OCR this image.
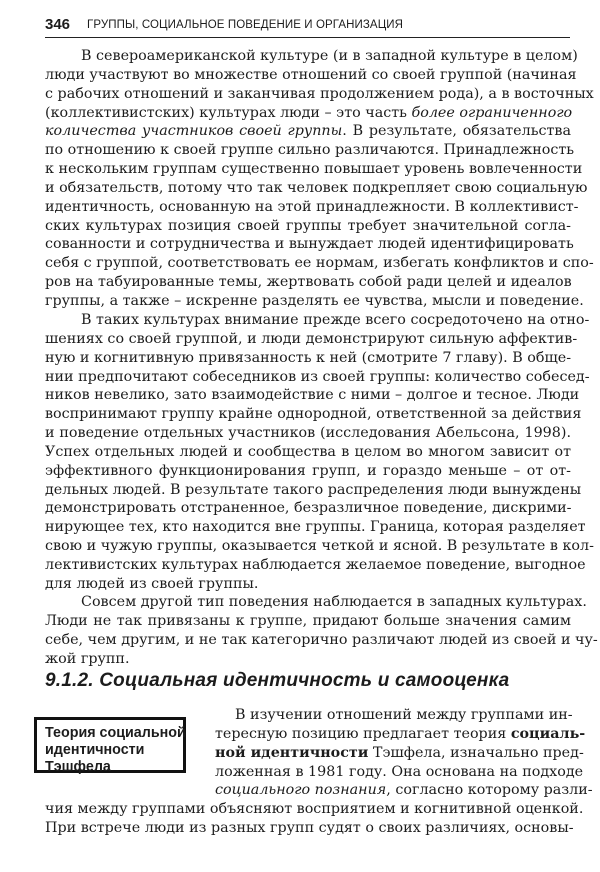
346 ГРУППЫ, СОЦИАЛЬНОЕ ПОВЕДЕНИЕ И ОРГАНИЗАЦИЯ
В североамериканской культуре (и в западной культуре в целом)
люди участвуют во множестве отношений со своей группой (начиная
с рабочих отношений и заканчивая продолжением рода), а в восточных
(коллективистских) культурах люди – это часть более ограниченного
количества участников своей группы. В результате, обязательства
по отношению к своей группе сильно различаются. Принадлежность
к нескольким группам существенно повышает уровень вовлеченности
и обязательств, потому что так человек подкрепляет свою социальную
идентичность, основанную на этой принадлежности. В коллективист-
ских культурах позиция своей группы требует значительной согла-
сованности и сотрудничества и вынуждает людей идентифицировать
себя с группой, соответствовать ее нормам, избегать конфликтов и спо-
ров на табуированные темы, жертвовать собой ради целей и идеалов
группы, а также – искренне разделять ее чувства, мысли и поведение.
В таких культурах внимание прежде всего сосредоточено на отно-
шениях со своей группой, и люди демонстрируют сильную аффектив-
ную и когнитивную привязанность к ней (смотрите 7 главу). В обще-
нии предпочитают собеседников из своей группы: количество собесед-
ников невелико, зато взаимодействие с ними – долгое и тесное. Люди
воспринимают группу крайне однородной, ответственной за действия
и поведение отдельных участников (исследования Абельсона, 1998).
Успех отдельных людей и сообщества в целом во многом зависит от
эффективного функционирования групп, и гораздо меньше – от от-
дельных людей. В результате такого распределения люди вынуждены
демонстрировать отстраненное, безразличное поведение, дискрими-
нирующее тех, кто находится вне группы. Граница, которая разделяет
свою и чужую группы, оказывается четкой и ясной. В результате в кол-
лективистских культурах наблюдается желаемое поведение, выгодное
для людей из своей группы.
Совсем другой тип поведения наблюдается в западных культурах.
Люди не так привязаны к группе, придают больше значения самим
себе, чем другим, и не так категорично различают людей из своей и чу-
жой групп.
9.1.2. Социальная идентичность и самооценка
Теория социальной
идентичности
Тэшфела
В изучении отношений между группами ин-
тересную позицию предлагает теория социаль-
ной идентичности Тэшфела, изначально пред-
ложенная в 1981 году. Она основана на подходе
социального познания, согласно которому разли-
чия между группами объясняют восприятием и когнитивной оценкой.
При встрече люди из разных групп судят о своих различиях, основы-
